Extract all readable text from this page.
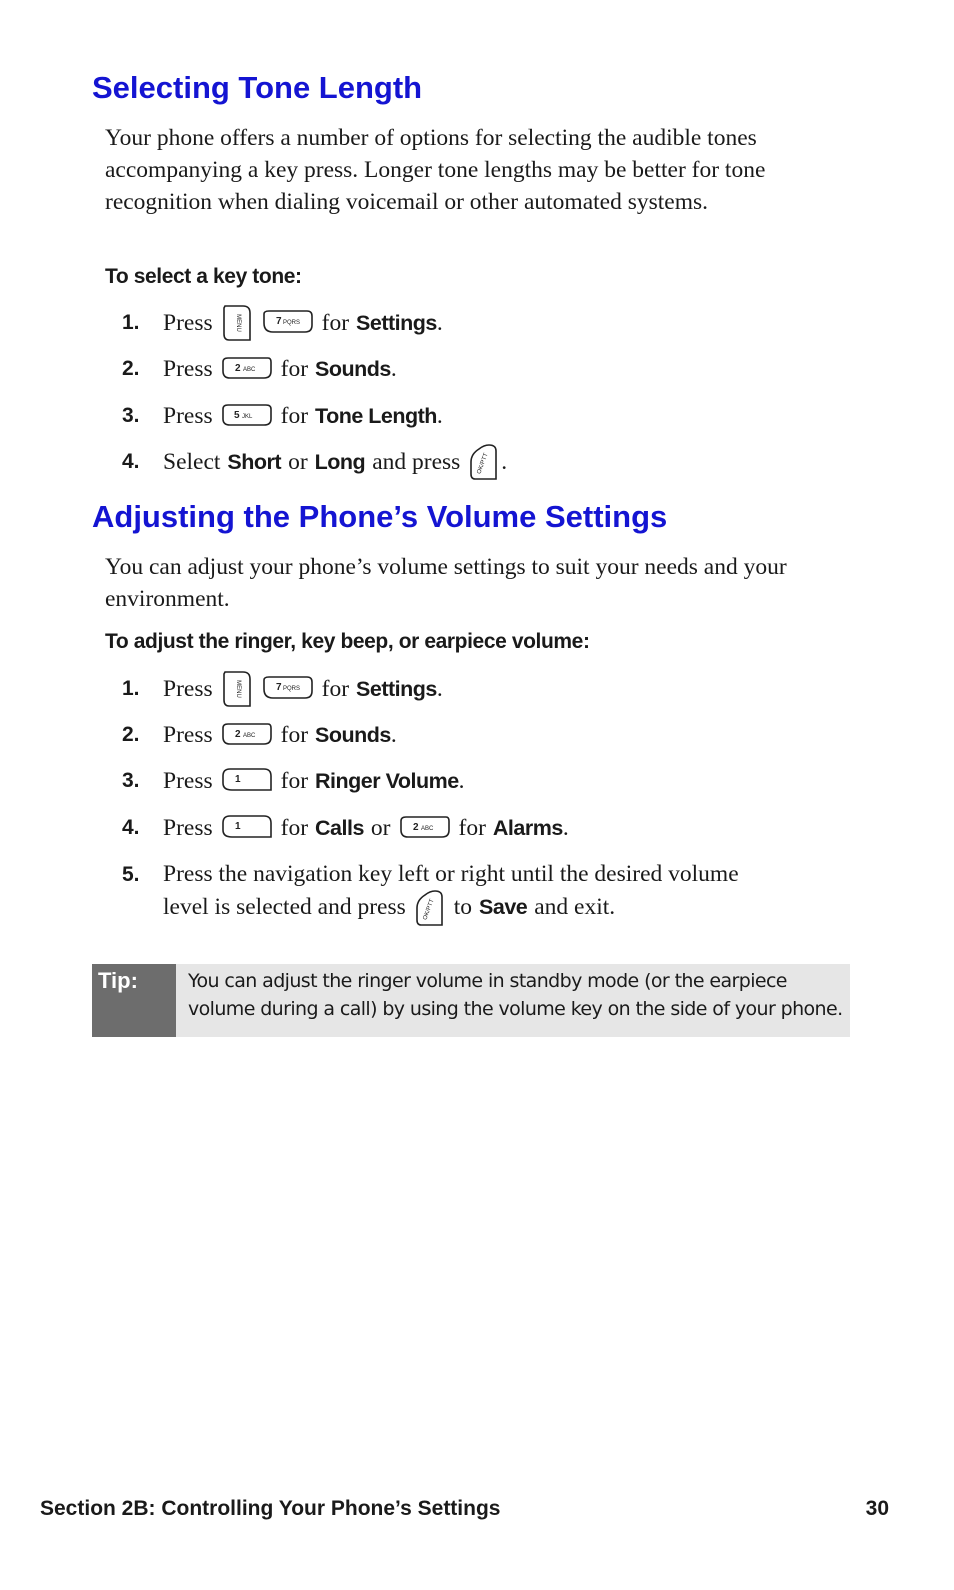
Selecting Tone Length

Your phone offers a number of options for selecting the audible tones accompanying a key press. Longer tone lengths may be better for tone recognition when dialing voicemail or other automated systems.

To select a key tone:

1. Press	MENU	7 PQRS for Settings .
2. Press 2 ABC for Sounds .
3. Press 5 JKL for Tone Length .
4. Select Short or Long and press	OK/PTT .
Adjusting the Phone’s Volume Settings

You can adjust your phone’s volume settings to suit your needs and your environment.

To adjust the ringer, key beep, or earpiece volume:

1. Press	MENU	7 PQRS for Settings .
2. Press 2 ABC for Sounds .
3. Press 1 for Ringer Volume .
4. Press 1 for Calls or 2 ABC for Alarms .
5. Press the navigation key left or right until the desired volume
level is selected and press	OK/PTT to Save and exit.
Tip:	You can adjust the ringer volume in standby mode (or the earpiece volume during a call) by using the volume key on the side of your phone.
Section 2B: Controlling Your Phone’s Settings	30
